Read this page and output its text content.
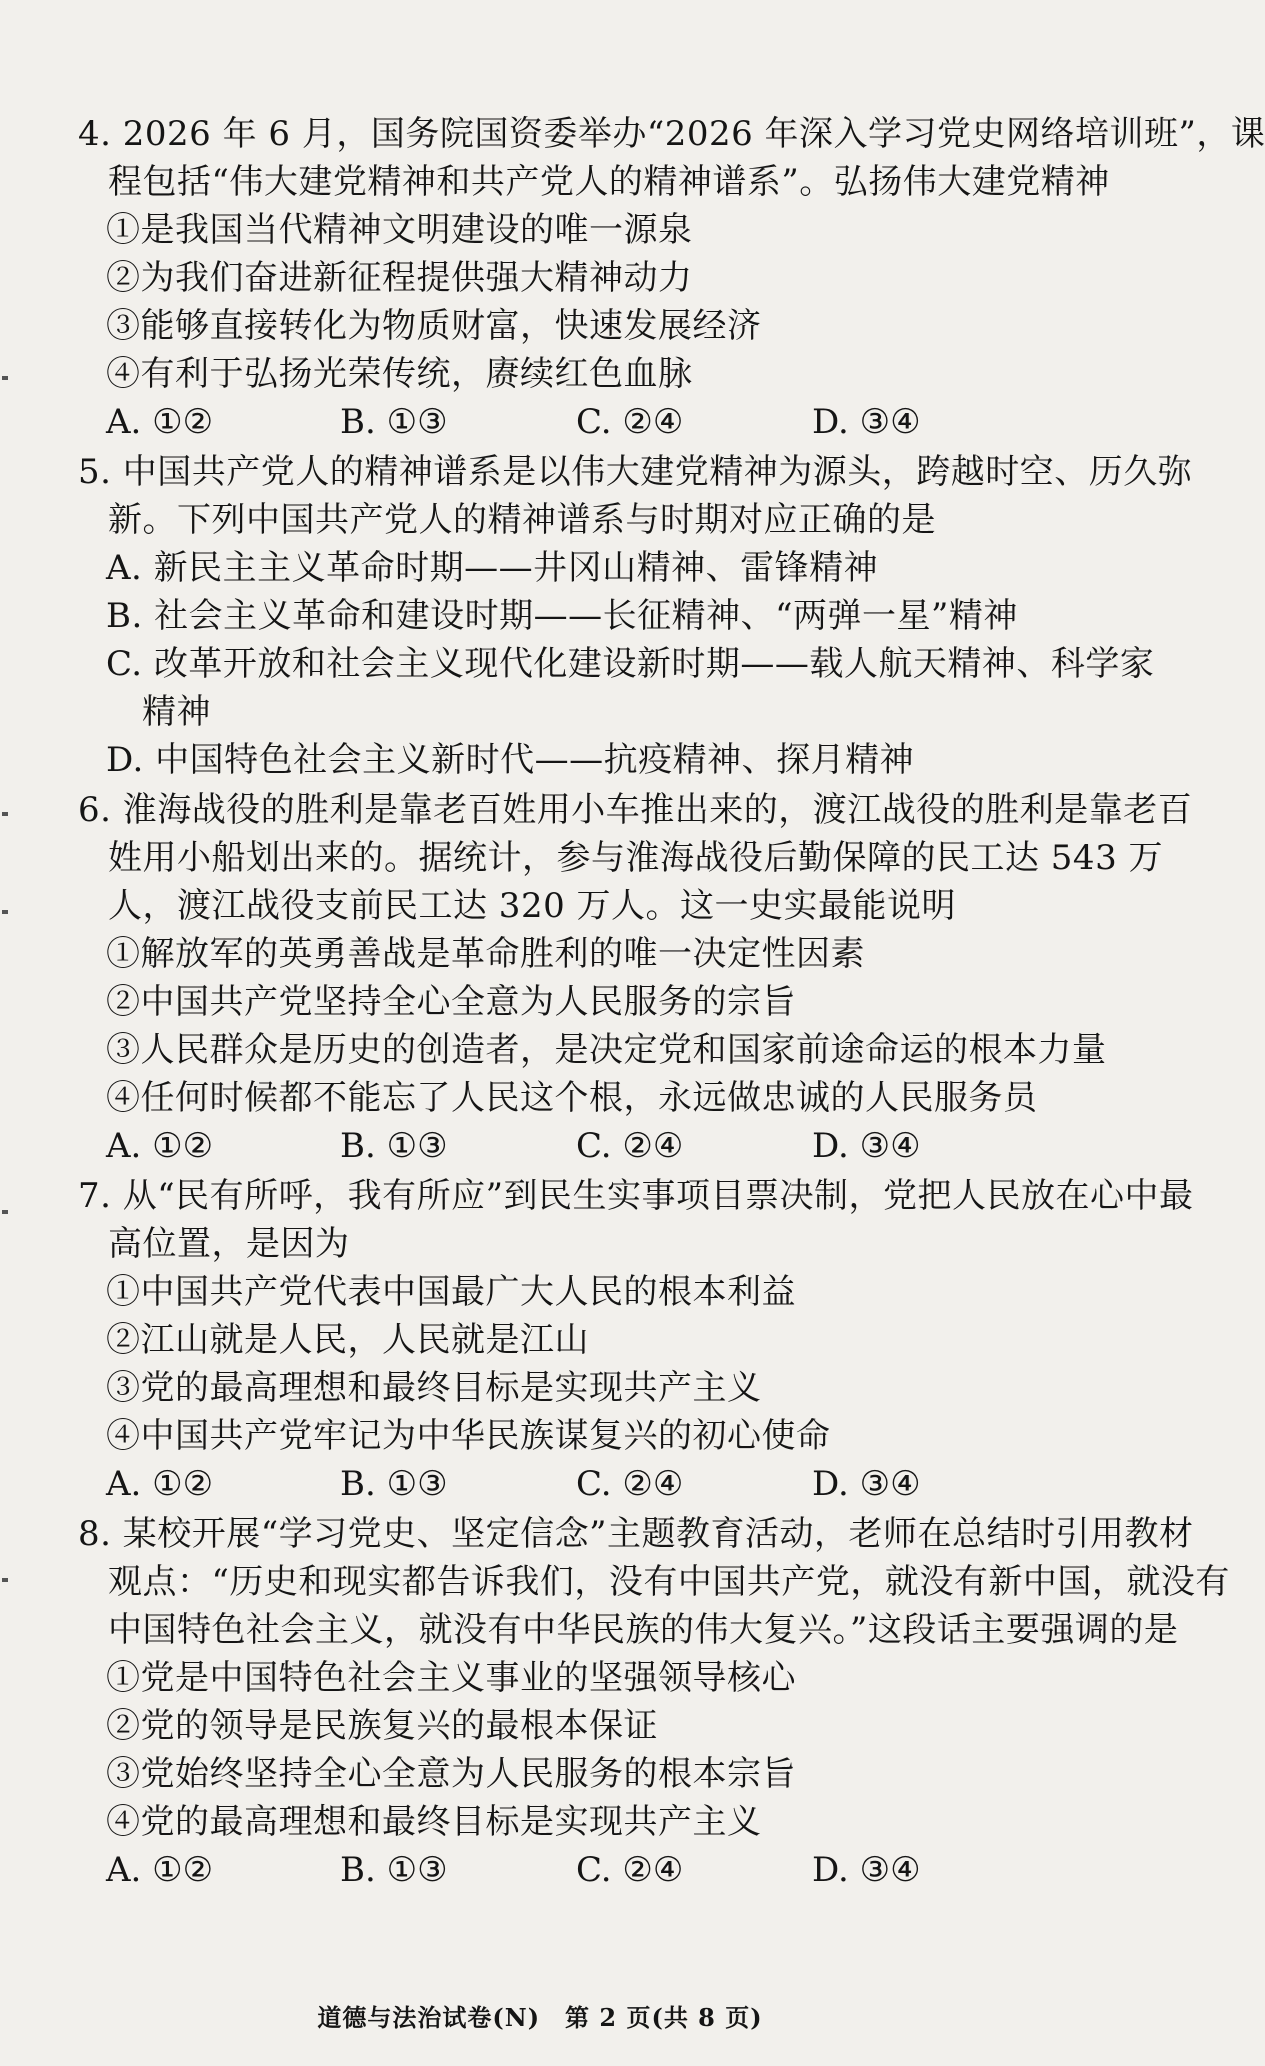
4. 2026 年 6 月，国务院国资委举办“2026 年深入学习党史网络培训班”，课
程包括“伟大建党精神和共产党人的精神谱系”。弘扬伟大建党精神
①是我国当代精神文明建设的唯一源泉
②为我们奋进新征程提供强大精神动力
③能够直接转化为物质财富，快速发展经济
④有利于弘扬光荣传统，赓续红色血脉
A. ①②	B. ①③	C. ②④	D. ③④
5. 中国共产党人的精神谱系是以伟大建党精神为源头，跨越时空、历久弥
新。下列中国共产党人的精神谱系与时期对应正确的是
A. 新民主主义革命时期——井冈山精神、雷锋精神
B. 社会主义革命和建设时期——长征精神、“两弹一星”精神
C. 改革开放和社会主义现代化建设新时期——载人航天精神、科学家
精神
D. 中国特色社会主义新时代——抗疫精神、探月精神
6. 淮海战役的胜利是靠老百姓用小车推出来的，渡江战役的胜利是靠老百
姓用小船划出来的。据统计，参与淮海战役后勤保障的民工达 543 万
人，渡江战役支前民工达 320 万人。这一史实最能说明
①解放军的英勇善战是革命胜利的唯一决定性因素
②中国共产党坚持全心全意为人民服务的宗旨
③人民群众是历史的创造者，是决定党和国家前途命运的根本力量
④任何时候都不能忘了人民这个根，永远做忠诚的人民服务员
A. ①②	B. ①③	C. ②④	D. ③④
7. 从“民有所呼，我有所应”到民生实事项目票决制，党把人民放在心中最
高位置，是因为
①中国共产党代表中国最广大人民的根本利益
②江山就是人民，人民就是江山
③党的最高理想和最终目标是实现共产主义
④中国共产党牢记为中华民族谋复兴的初心使命
A. ①②	B. ①③	C. ②④	D. ③④
8. 某校开展“学习党史、坚定信念”主题教育活动，老师在总结时引用教材
观点：“历史和现实都告诉我们，没有中国共产党，就没有新中国，就没有
中国特色社会主义，就没有中华民族的伟大复兴。”这段话主要强调的是
①党是中国特色社会主义事业的坚强领导核心
②党的领导是民族复兴的最根本保证
③党始终坚持全心全意为人民服务的根本宗旨
④党的最高理想和最终目标是实现共产主义
A. ①②	B. ①③	C. ②④	D. ③④
道德与法治试卷(N)　第 2 页(共 8 页)
